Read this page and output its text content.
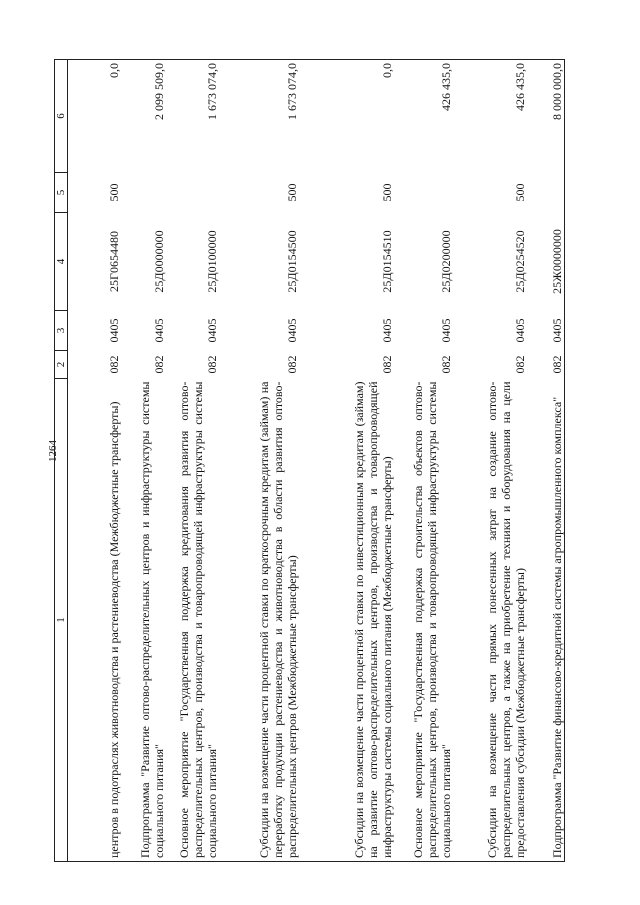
1264
1	2	3	4	5	6
центров в подотраслях животноводства и растениеводства (Межбюджетные трансферты)	082	0405	25Г0654480	500	0,0
Подпрограмма "Развитие оптово-распределительных центров и инфраструктуры системы социального питания"	082	0405	25Д0000000		2 099 509,0
Основное мероприятие "Государственная поддержка кредитования развития оптово-распределительных центров, производства и товаропроводящей инфраструктуры системы социального питания"	082	0405	25Д0100000		1 673 074,0
Субсидии на возмещение части процентной ставки по краткосрочным кредитам (займам) на переработку продукции растениеводства и животноводства в области развития оптово-распределительных центров (Межбюджетные трансферты)	082	0405	25Д0154500	500	1 673 074,0
Субсидии на возмещение части процентной ставки по инвестиционным кредитам (займам) на развитие оптово-распределительных центров, производства и товаропроводящей инфраструктуры системы социального питания (Межбюджетные трансферты)	082	0405	25Д0154510	500	0,0
Основное мероприятие "Государственная поддержка строительства объектов оптово-распределительных центров, производства и товаропроводящей инфраструктуры системы социального питания"	082	0405	25Д0200000		426 435,0
Субсидии на возмещение части прямых понесенных затрат на создание оптово-распределительных центров, а также на приобретение техники и оборудования на цели предоставления субсидии (Межбюджетные трансферты)	082	0405	25Д0254520	500	426 435,0
Подпрограмма "Развитие финансово-кредитной системы агропромышленного комплекса"	082	0405	25Ж0000000		8 000 000,0
